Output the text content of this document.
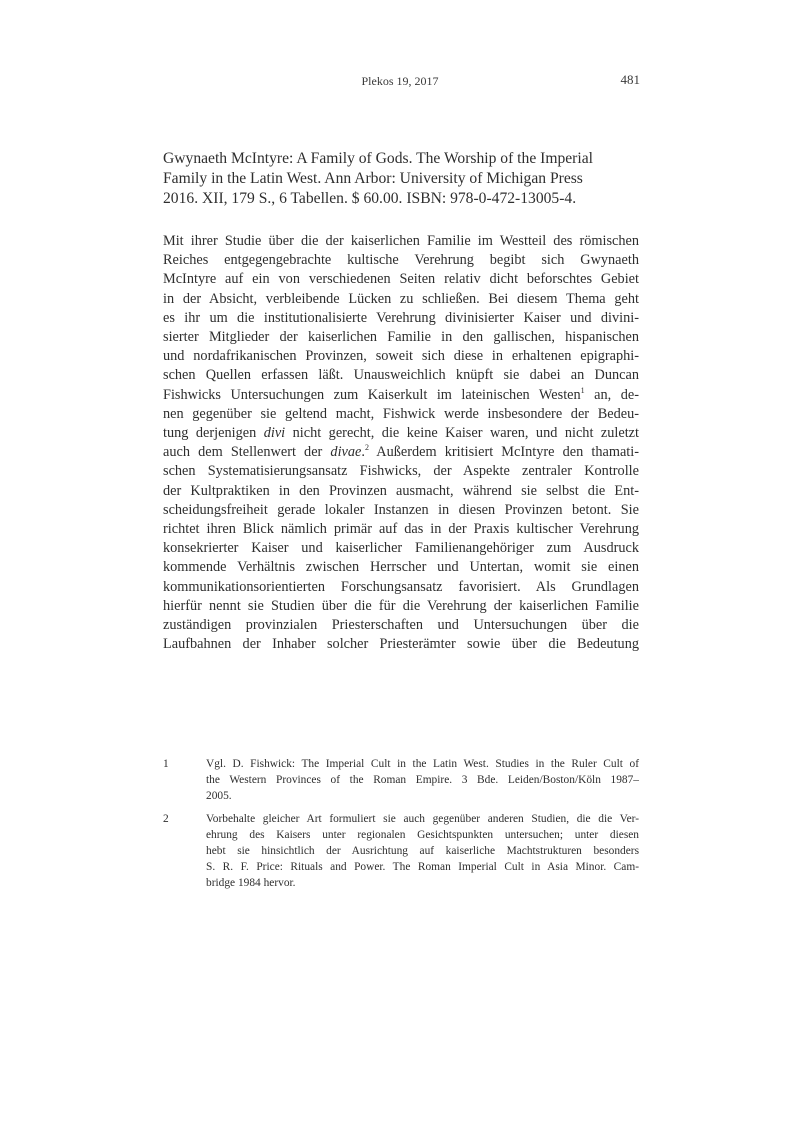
Plekos 19, 2017	481
Gwynaeth McIntyre: A Family of Gods. The Worship of the Imperial
Family in the Latin West. Ann Arbor: University of Michigan Press
2016. XII, 179 S., 6 Tabellen. $ 60.00. ISBN: 978-0-472-13005-4.
Mit ihrer Studie über die der kaiserlichen Familie im Westteil des römischen
Reiches entgegengebrachte kultische Verehrung begibt sich Gwynaeth
McIntyre auf ein von verschiedenen Seiten relativ dicht beforschtes Gebiet
in der Absicht, verbleibende Lücken zu schließen. Bei diesem Thema geht
es ihr um die institutionalisierte Verehrung divinisierter Kaiser und divini-
sierter Mitglieder der kaiserlichen Familie in den gallischen, hispanischen
und nordafrikanischen Provinzen, soweit sich diese in erhaltenen epigraphi-
schen Quellen erfassen läßt. Unausweichlich knüpft sie dabei an Duncan
Fishwicks Untersuchungen zum Kaiserkult im lateinischen Westen$^1$ an, de-
nen gegenüber sie geltend macht, Fishwick werde insbesondere der Bedeu-
tung derjenigen divi nicht gerecht, die keine Kaiser waren, und nicht zuletzt
auch dem Stellenwert der divae.$^2$ Außerdem kritisiert McIntyre den thamati-
schen Systematisierungsansatz Fishwicks, der Aspekte zentraler Kontrolle
der Kultpraktiken in den Provinzen ausmacht, während sie selbst die Ent-
scheidungsfreiheit gerade lokaler Instanzen in diesen Provinzen betont. Sie
richtet ihren Blick nämlich primär auf das in der Praxis kultischer Verehrung
konsekrierter Kaiser und kaiserlicher Familienangehöriger zum Ausdruck
kommende Verhältnis zwischen Herrscher und Untertan, womit sie einen
kommunikationsorientierten Forschungsansatz favorisiert. Als Grundlagen
hierfür nennt sie Studien über die für die Verehrung der kaiserlichen Familie
zuständigen provinzialen Priesterschaften und Untersuchungen über die
Laufbahnen der Inhaber solcher Priesterämter sowie über die Bedeutung
1	Vgl. D. Fishwick: The Imperial Cult in the Latin West. Studies in the Ruler Cult of
the Western Provinces of the Roman Empire. 3 Bde. Leiden/Boston/Köln 1987–
2005.
2	Vorbehalte gleicher Art formuliert sie auch gegenüber anderen Studien, die die Ver-
ehrung des Kaisers unter regionalen Gesichtspunkten untersuchen; unter diesen
hebt sie hinsichtlich der Ausrichtung auf kaiserliche Machtstrukturen besonders
S. R. F. Price: Rituals and Power. The Roman Imperial Cult in Asia Minor. Cam-
bridge 1984 hervor.
